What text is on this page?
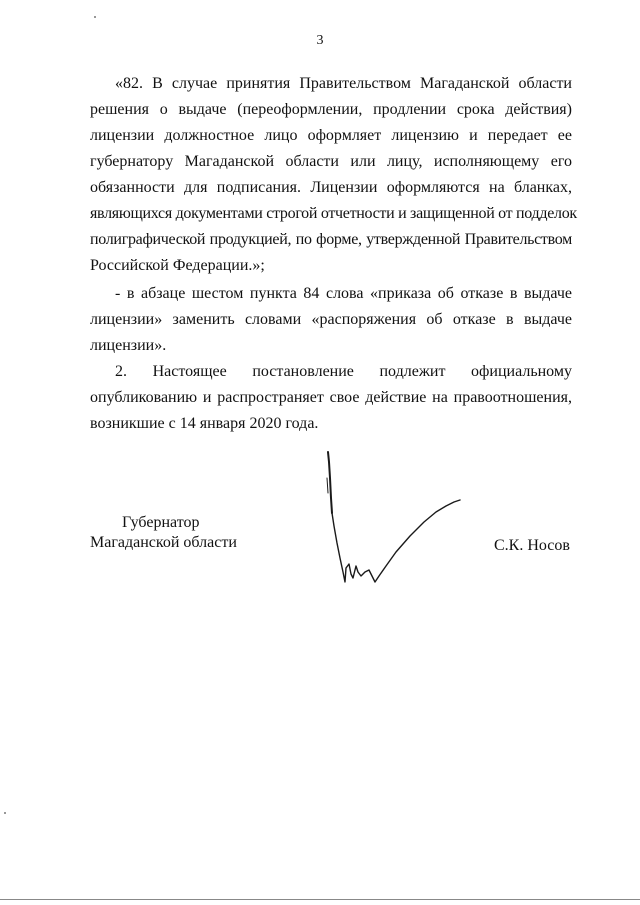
3
«82. В случае принятия Правительством Магаданской области
решения о выдаче (переоформлении, продлении срока действия)
лицензии должностное лицо оформляет лицензию и передает ее
губернатору Магаданской области или лицу, исполняющему его
обязанности для подписания. Лицензии оформляются на бланках,
являющихся документами строгой отчетности и защищенной от подделок
полиграфической продукцией, по форме, утвержденной Правительством
Российской Федерации.»;
- в абзаце шестом пункта 84 слова «приказа об отказе в выдаче
лицензии» заменить словами «распоряжения об отказе в выдаче
лицензии».
2. Настоящее постановление подлежит официальному
опубликованию и распространяет свое действие на правоотношения,
возникшие с 14 января 2020 года.
Губернатор
Магаданской области	С.К. Носов
